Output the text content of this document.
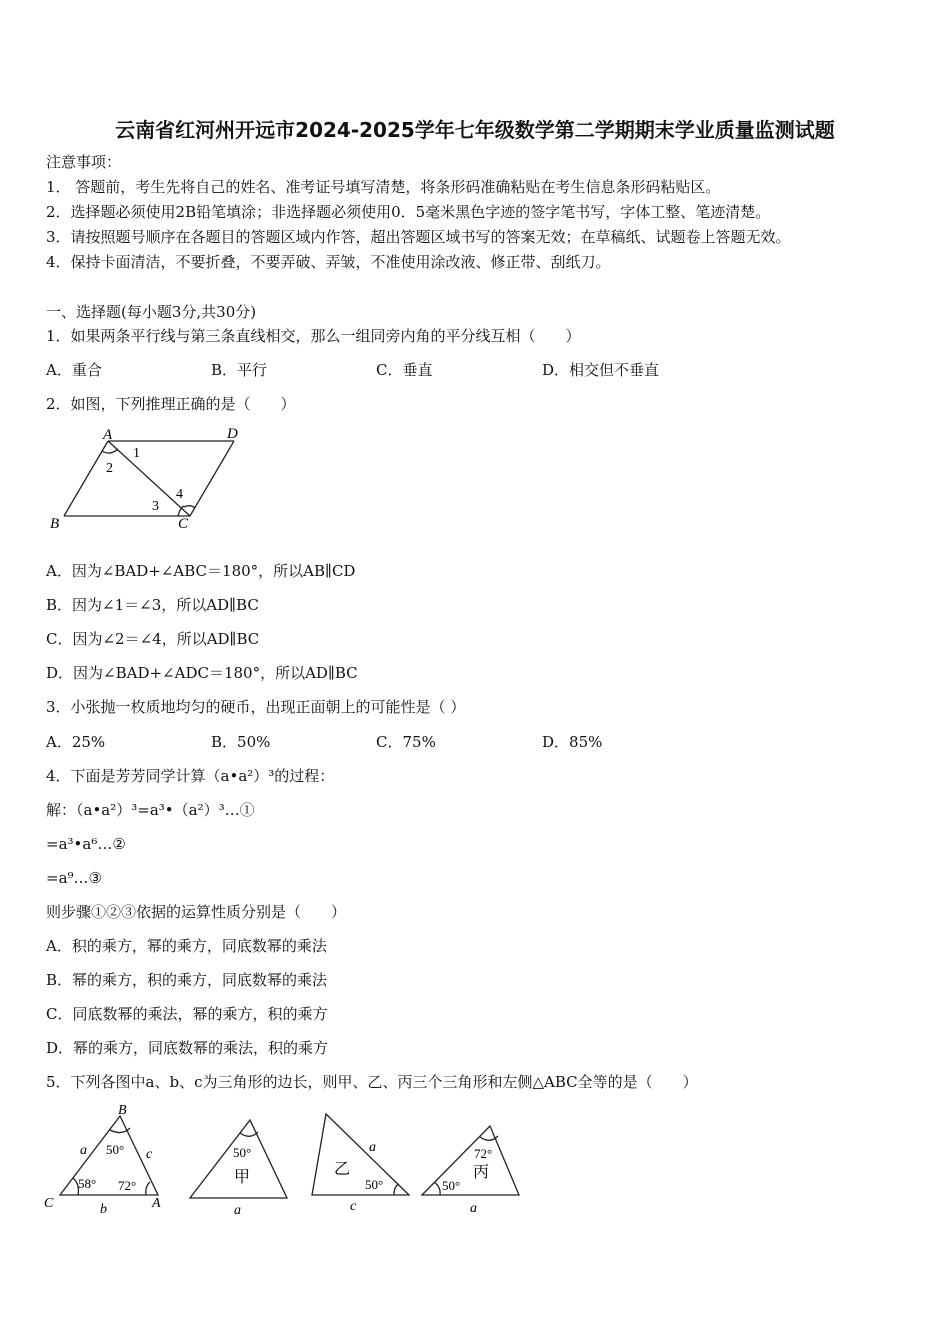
云南省红河州开远市2024-2025学年七年级数学第二学期期末学业质量监测试题
注意事项：
1． 答题前，考生先将自己的姓名、准考证号填写清楚，将条形码准确粘贴在考生信息条形码粘贴区。
2．选择题必须使用2B铅笔填涂；非选择题必须使用0．5毫米黑色字迹的签字笔书写，字体工整、笔迹清楚。
3．请按照题号顺序在各题目的答题区域内作答，超出答题区域书写的答案无效；在草稿纸、试题卷上答题无效。
4．保持卡面清洁，不要折叠，不要弄破、弄皱，不准使用涂改液、修正带、刮纸刀。
一、选择题(每小题3分,共30分)
1．如果两条平行线与第三条直线相交，那么一组同旁内角的平分线互相（　　）
A．重合	B．平行	C．垂直	D．相交但不垂直
2．如图，下列推理正确的是（　　）
A	D
B	C
1
2
3
4
A．因为∠BAD+∠ABC＝180°，所以AB∥CD
B．因为∠1＝∠3，所以AD∥BC
C．因为∠2＝∠4，所以AD∥BC
D．因为∠BAD+∠ADC＝180°，所以AD∥BC
3．小张抛一枚质地均匀的硬币，出现正面朝上的可能性是（ ）
A．25%	B．50%	C．75%	D．85%
4．下面是芳芳同学计算（a•a²）³的过程：
解：（a•a²）³=a³•（a²）³…①
=a³•a⁶…②
=a⁹…③
则步骤①②③依据的运算性质分别是（　　）
A．积的乘方，幂的乘方，同底数幂的乘法
B．幂的乘方，积的乘方，同底数幂的乘法
C．同底数幂的乘法，幂的乘方，积的乘方
D．幂的乘方，同底数幂的乘法，积的乘方
5．下列各图中a、b、c为三角形的边长，则甲、乙、丙三个三角形和左侧△ABC全等的是（　　）
B
a	c
C	A
b
50°
58° 72°
50°
甲
a
乙
a
50°
c
72°
丙
50°
a
